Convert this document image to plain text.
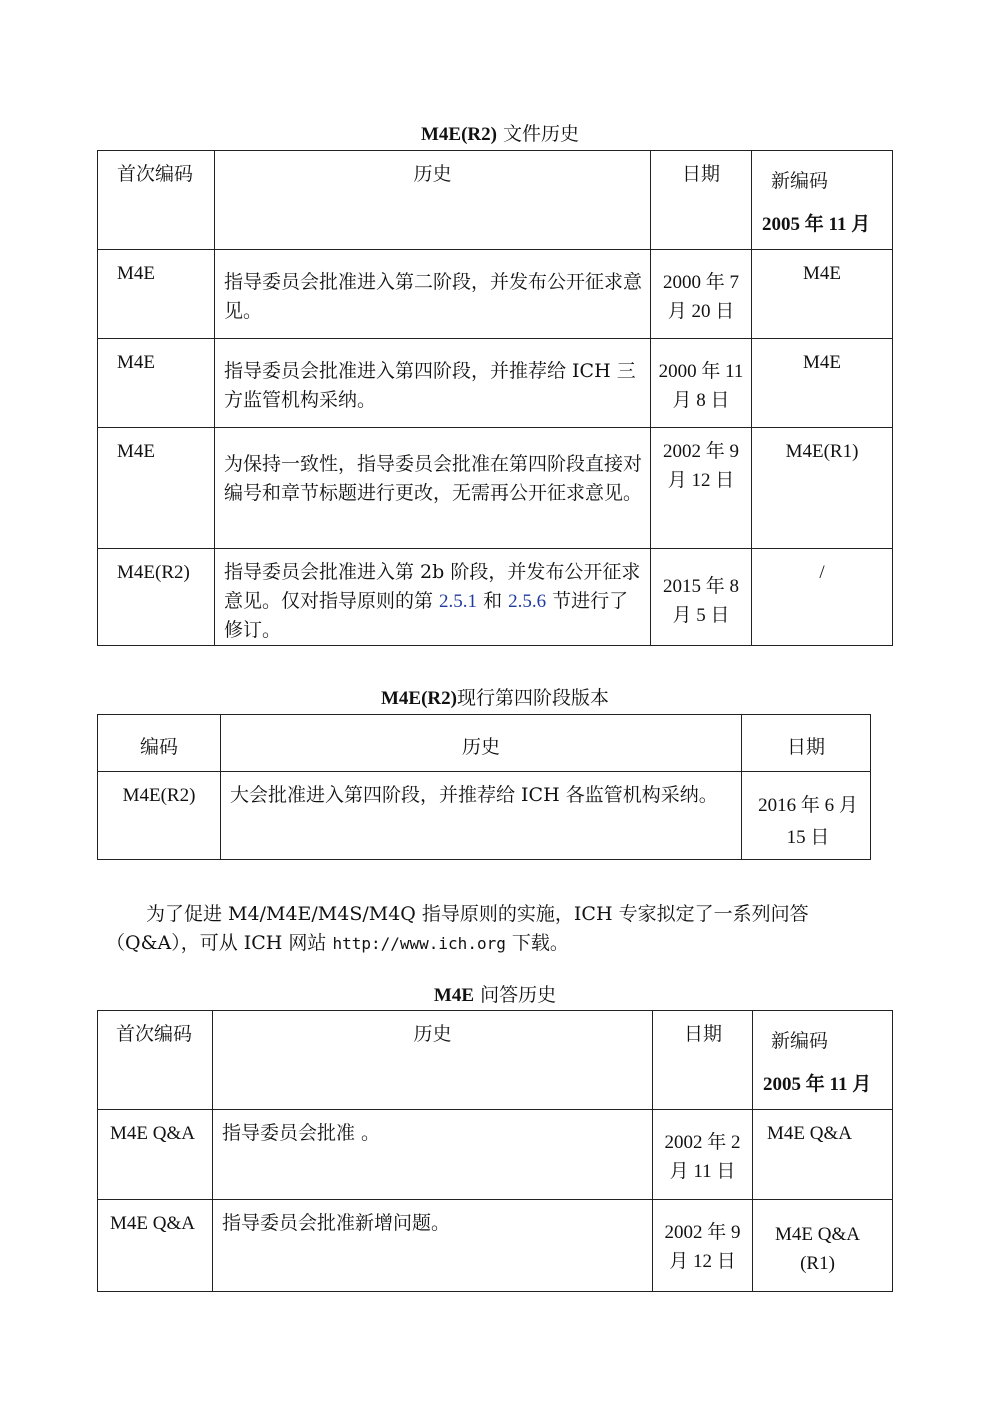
M4E(R2) 文件历史
首次编码	历史	日期	新编码
2005 年 11 月

M4E	指导委员会批准进入第二阶段，并发布公开征求意见。	2000 年 7 月 20 日	M4E

M4E	指导委员会批准进入第四阶段，并推荐给 ICH 三方监管机构采纳。	2000 年 11 月 8 日	M4E

M4E	为保持一致性，指导委员会批准在第四阶段直接对编号和章节标题进行更改，无需再公开征求意见。	2002 年 9 月 12 日	M4E(R1)

M4E(R2)	指导委员会批准进入第 2b 阶段，并发布公开征求意见。仅对指导原则的第 2.5.1 和 2.5.6 节进行了修订。	2015 年 8 月 5 日	/
M4E(R2)现行第四阶段版本
编码	历史	日期

M4E(R2)	大会批准进入第四阶段，并推荐给 ICH 各监管机构采纳。	2016 年 6 月 15 日
为了促进 M4/M4E/M4S/M4Q 指导原则的实施，ICH 专家拟定了一系列问答（Q&A），可从 ICH 网站 http://www.ich.org 下载。
M4E 问答历史
首次编码	历史	日期	新编码
2005 年 11 月

M4E Q&A	指导委员会批准 。	2002 年 2 月 11 日	M4E Q&A

M4E Q&A	指导委员会批准新增问题。	2002 年 9 月 12 日	M4E Q&A (R1)
